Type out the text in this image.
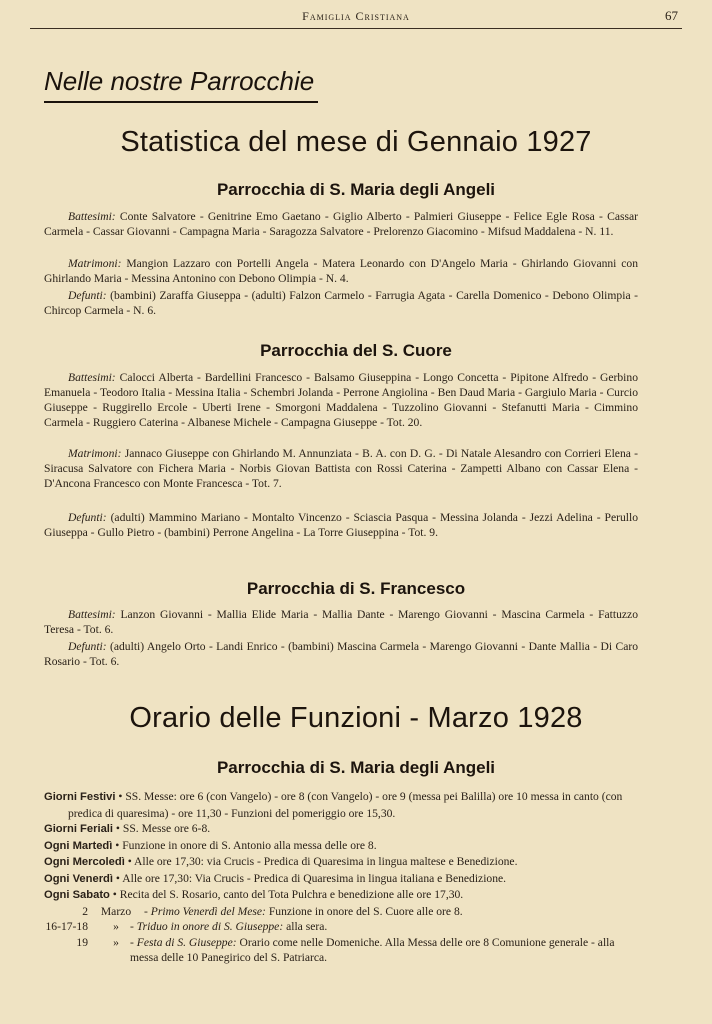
Famiglia Cristiana	67
Nelle nostre Parrocchie
Statistica del mese di Gennaio 1927
Parrocchia di S. Maria degli Angeli

Battesimi: Conte Salvatore - Genitrine Emo Gaetano - Giglio Alberto - Palmieri Giuseppe - Felice Egle Rosa - Cassar Carmela - Cassar Giovanni - Campagna Maria - Saragozza Salvatore - Prelorenzo Giacomino - Mifsud Maddalena - N. 11.

Matrimoni: Mangion Lazzaro con Portelli Angela - Matera Leonardo con D'Angelo Maria - Ghirlando Giovanni con Ghirlando Maria - Messina Antonino con Debono Olimpia - N. 4.

Defunti: (bambini) Zaraffa Giuseppa - (adulti) Falzon Carmelo - Farrugia Agata - Carella Domenico - Debono Olimpia - Chircop Carmela - N. 6.

Parrocchia del S. Cuore

Battesimi: Calocci Alberta - Bardellini Francesco - Balsamo Giuseppina - Longo Concetta - Pipitone Alfredo - Gerbino Emanuela - Teodoro Italia - Messina Italia - Schembri Jolanda - Perrone Angiolina - Ben Daud Maria - Gargiulo Maria - Curcio Giuseppe - Ruggirello Ercole - Uberti Irene - Smorgoni Maddalena - Tuzzolino Giovanni - Stefanutti Maria - Cimmino Carmela - Ruggiero Caterina - Albanese Michele - Campagna Giuseppe - Tot. 20.

Matrimoni: Jannaco Giuseppe con Ghirlando M. Annunziata - B. A. con D. G. - Di Natale Alesandro con Corrieri Elena - Siracusa Salvatore con Fichera Maria - Norbis Giovan Battista con Rossi Caterina - Zampetti Albano con Cassar Elena - D'Ancona Francesco con Monte Francesca - Tot. 7.

Defunti: (adulti) Mammino Mariano - Montalto Vincenzo - Sciascia Pasqua - Messina Jolanda - Jezzi Adelina - Perullo Giuseppa - Gullo Pietro - (bambini) Perrone Angelina - La Torre Giuseppina - Tot. 9.

Parrocchia di S. Francesco

Battesimi: Lanzon Giovanni - Mallia Elide Maria - Mallia Dante - Marengo Giovanni - Mascina Carmela - Fattuzzo Teresa - Tot. 6.

Defunti: (adulti) Angelo Orto - Landi Enrico - (bambini) Mascina Carmela - Marengo Giovanni - Dante Mallia - Di Caro Rosario - Tot. 6.

Orario delle Funzioni - Marzo 1928
Parrocchia di S. Maria degli Angeli
Giorni Festivi • SS. Messe: ore 6 (con Vangelo) - ore 8 (con Vangelo) - ore 9 (messa pei Balilla) ore 10 messa in canto (con predica di quaresima) - ore 11,30 - Funzioni del pomeriggio ore 15,30.
Giorni Feriali • SS. Messe ore 6-8.
Ogni Martedì • Funzione in onore di S. Antonio alla messa delle ore 8.
Ogni Mercoledì • Alle ore 17,30: via Crucis - Predica di Quaresima in lingua maltese e Benedizione.
Ogni Venerdì • Alle ore 17,30: Via Crucis - Predica di Quaresima in lingua italiana e Benedizione.
Ogni Sabato • Recita del S. Rosario, canto del Tota Pulchra e benedizione alle ore 17,30.
2	Marzo	- Primo Venerdì del Mese: Funzione in onore del S. Cuore alle ore 8.
16-17-18	» - Triduo in onore di S. Giuseppe: alla sera.
19	» - Festa di S. Giuseppe: Orario come nelle Domeniche. Alla Messa delle ore 8 Comunione generale - alla messa delle 10 Panegirico del S. Patriarca.
